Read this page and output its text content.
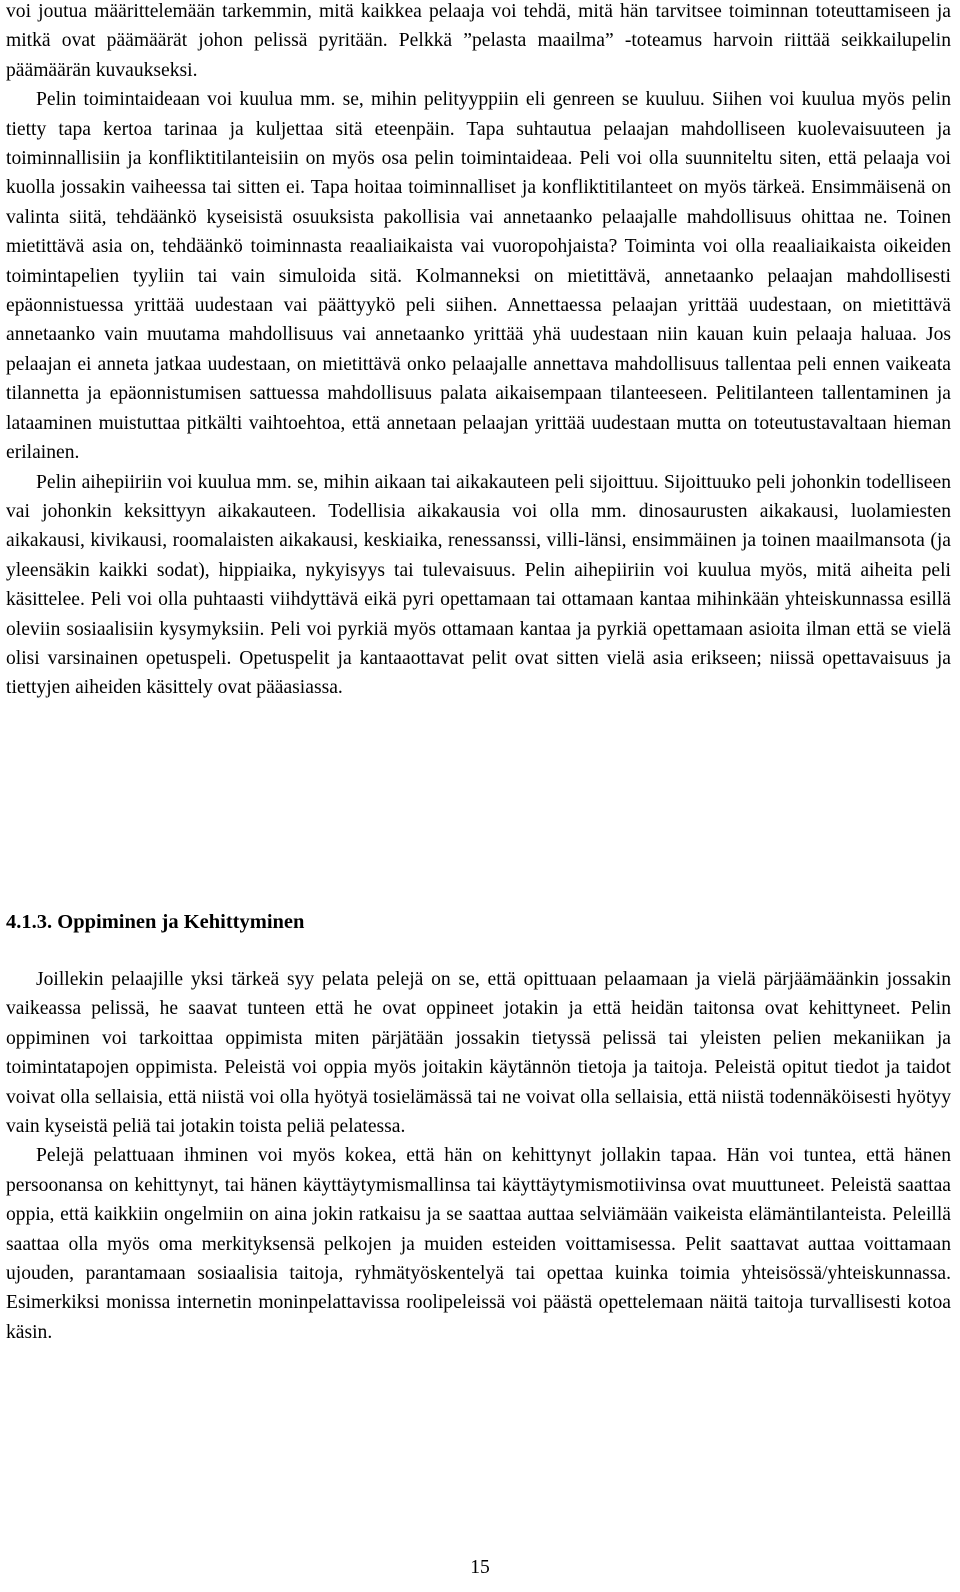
voi joutua määrittelemään tarkemmin, mitä kaikkea pelaaja voi tehdä, mitä hän tarvitsee toiminnan toteuttamiseen ja mitkä ovat päämäärät johon pelissä pyritään. Pelkkä ”pelasta maailma” -toteamus harvoin riittää seikkailupelin päämäärän kuvaukseksi.

Pelin toimintaideaan voi kuulua mm. se, mihin pelityyppiin eli genreen se kuuluu. Siihen voi kuulua myös pelin tietty tapa kertoa tarinaa ja kuljettaa sitä eteenpäin. Tapa suhtautua pelaajan mahdolliseen kuolevaisuuteen ja toiminnallisiin ja konfliktitilanteisiin on myös osa pelin toimintaideaa. Peli voi olla suunniteltu siten, että pelaaja voi kuolla jossakin vaiheessa tai sitten ei. Tapa hoitaa toiminnalliset ja konfliktitilanteet on myös tärkeä. Ensimmäisenä on valinta siitä, tehdäänkö kyseisistä osuuksista pakollisia vai annetaanko pelaajalle mahdollisuus ohittaa ne. Toinen mietittävä asia on, tehdäänkö toiminnasta reaaliaikaista vai vuoropohjaista? Toiminta voi olla reaaliaikaista oikeiden toimintapelien tyyliin tai vain simuloida sitä. Kolmanneksi on mietittävä, annetaanko pelaajan mahdollisesti epäonnistuessa yrittää uudestaan vai päättyykö peli siihen. Annettaessa pelaajan yrittää uudestaan, on mietittävä annetaanko vain muutama mahdollisuus vai annetaanko yrittää yhä uudestaan niin kauan kuin pelaaja haluaa. Jos pelaajan ei anneta jatkaa uudestaan, on mietittävä onko pelaajalle annettava mahdollisuus tallentaa peli ennen vaikeata tilannetta ja epäonnistumisen sattuessa mahdollisuus palata aikaisempaan tilanteeseen. Pelitilanteen tallentaminen ja lataaminen muistuttaa pitkälti vaihtoehtoa, että annetaan pelaajan yrittää uudestaan mutta on toteutustavaltaan hieman erilainen.

Pelin aihepiiriin voi kuulua mm. se, mihin aikaan tai aikakauteen peli sijoittuu. Sijoittuuko peli johonkin todelliseen vai johonkin keksittyyn aikakauteen. Todellisia aikakausia voi olla mm. dinosaurusten aikakausi, luolamiesten aikakausi, kivikausi, roomalaisten aikakausi, keskiaika, renessanssi, villi-länsi, ensimmäinen ja toinen maailmansota (ja yleensäkin kaikki sodat), hippiaika, nykyisyys tai tulevaisuus. Pelin aihepiiriin voi kuulua myös, mitä aiheita peli käsittelee. Peli voi olla puhtaasti viihdyttävä eikä pyri opettamaan tai ottamaan kantaa mihinkään yhteiskunnassa esillä oleviin sosiaalisiin kysymyksiin. Peli voi pyrkiä myös ottamaan kantaa ja pyrkiä opettamaan asioita ilman että se vielä olisi varsinainen opetuspeli. Opetuspelit ja kantaaottavat pelit ovat sitten vielä asia erikseen; niissä opettavaisuus ja tiettyjen aiheiden käsittely ovat pääasiassa.

4.1.3. Oppiminen ja Kehittyminen

Joillekin pelaajille yksi tärkeä syy pelata pelejä on se, että opittuaan pelaamaan ja vielä pärjäämäänkin jossakin vaikeassa pelissä, he saavat tunteen että he ovat oppineet jotakin ja että heidän taitonsa ovat kehittyneet. Pelin oppiminen voi tarkoittaa oppimista miten pärjätään jossakin tietyssä pelissä tai yleisten pelien mekaniikan ja toimintatapojen oppimista. Peleistä voi oppia myös joitakin käytännön tietoja ja taitoja. Peleistä opitut tiedot ja taidot voivat olla sellaisia, että niistä voi olla hyötyä tosielämässä tai ne voivat olla sellaisia, että niistä todennäköisesti hyötyy vain kyseistä peliä tai jotakin toista peliä pelatessa.

Pelejä pelattuaan ihminen voi myös kokea, että hän on kehittynyt jollakin tapaa. Hän voi tuntea, että hänen persoonansa on kehittynyt, tai hänen käyttäytymismallinsa tai käyttäytymismotiivinsa ovat muuttuneet. Peleistä saattaa oppia, että kaikkiin ongelmiin on aina jokin ratkaisu ja se saattaa auttaa selviämään vaikeista elämäntilanteista. Peleillä saattaa olla myös oma merkityksensä pelkojen ja muiden esteiden voittamisessa. Pelit saattavat auttaa voittamaan ujouden, parantamaan sosiaalisia taitoja, ryhmätyöskentelyä tai opettaa kuinka toimia yhteisössä/yhteiskunnassa. Esimerkiksi monissa internetin moninpelattavissa roolipeleissä voi päästä opettelemaan näitä taitoja turvallisesti kotoa käsin.

15
